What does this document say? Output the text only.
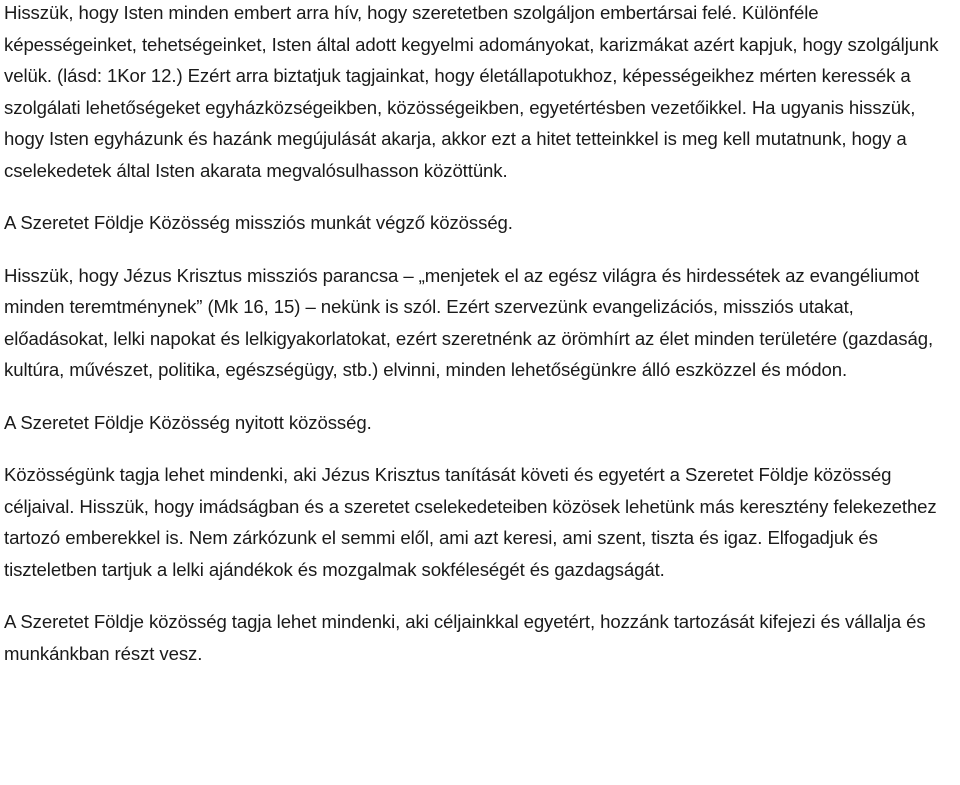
Hisszük, hogy Isten minden embert arra hív, hogy szeretetben szolgáljon embertársai felé. Különféle képességeinket, tehetségeinket, Isten által adott kegyelmi adományokat, karizmákat azért kapjuk, hogy szolgáljunk velük. (lásd: 1Kor 12.) Ezért arra biztatjuk tagjainkat, hogy életállapotukhoz, képességeikhez mérten keressék a szolgálati lehetőségeket egyházközségeikben, közösségeikben, egyetértésben vezetőikkel. Ha ugyanis hisszük, hogy Isten egyházunk és hazánk megújulását akarja, akkor ezt a hitet tetteinkkel is meg kell mutatnunk, hogy a cselekedetek által Isten akarata megvalósulhasson közöttünk.

A Szeretet Földje Közösség missziós munkát végző közösség.

Hisszük, hogy Jézus Krisztus missziós parancsa – „menjetek el az egész világra és hirdessétek az evangéliumot minden teremtménynek” (Mk 16, 15) – nekünk is szól. Ezért szervezünk evangelizációs, missziós utakat, előadásokat, lelki napokat és lelkigyakorlatokat, ezért szeretnénk az örömhírt az élet minden területére (gazdaság, kultúra, művészet, politika, egészségügy, stb.) elvinni, minden lehetőségünkre álló eszközzel és módon.

A Szeretet Földje Közösség nyitott közösség.

Közösségünk tagja lehet mindenki, aki Jézus Krisztus tanítását követi és egyetért a Szeretet Földje közösség céljaival. Hisszük, hogy imádságban és a szeretet cselekedeteiben közösek lehetünk más keresztény felekezethez tartozó emberekkel is. Nem zárkózunk el semmi elől, ami azt keresi, ami szent, tiszta és igaz. Elfogadjuk és tiszteletben tartjuk a lelki ajándékok és mozgalmak sokféleségét és gazdagságát.

A Szeretet Földje közösség tagja lehet mindenki, aki céljainkkal egyetért, hozzánk tartozását kifejezi és vállalja és munkánkban részt vesz.
